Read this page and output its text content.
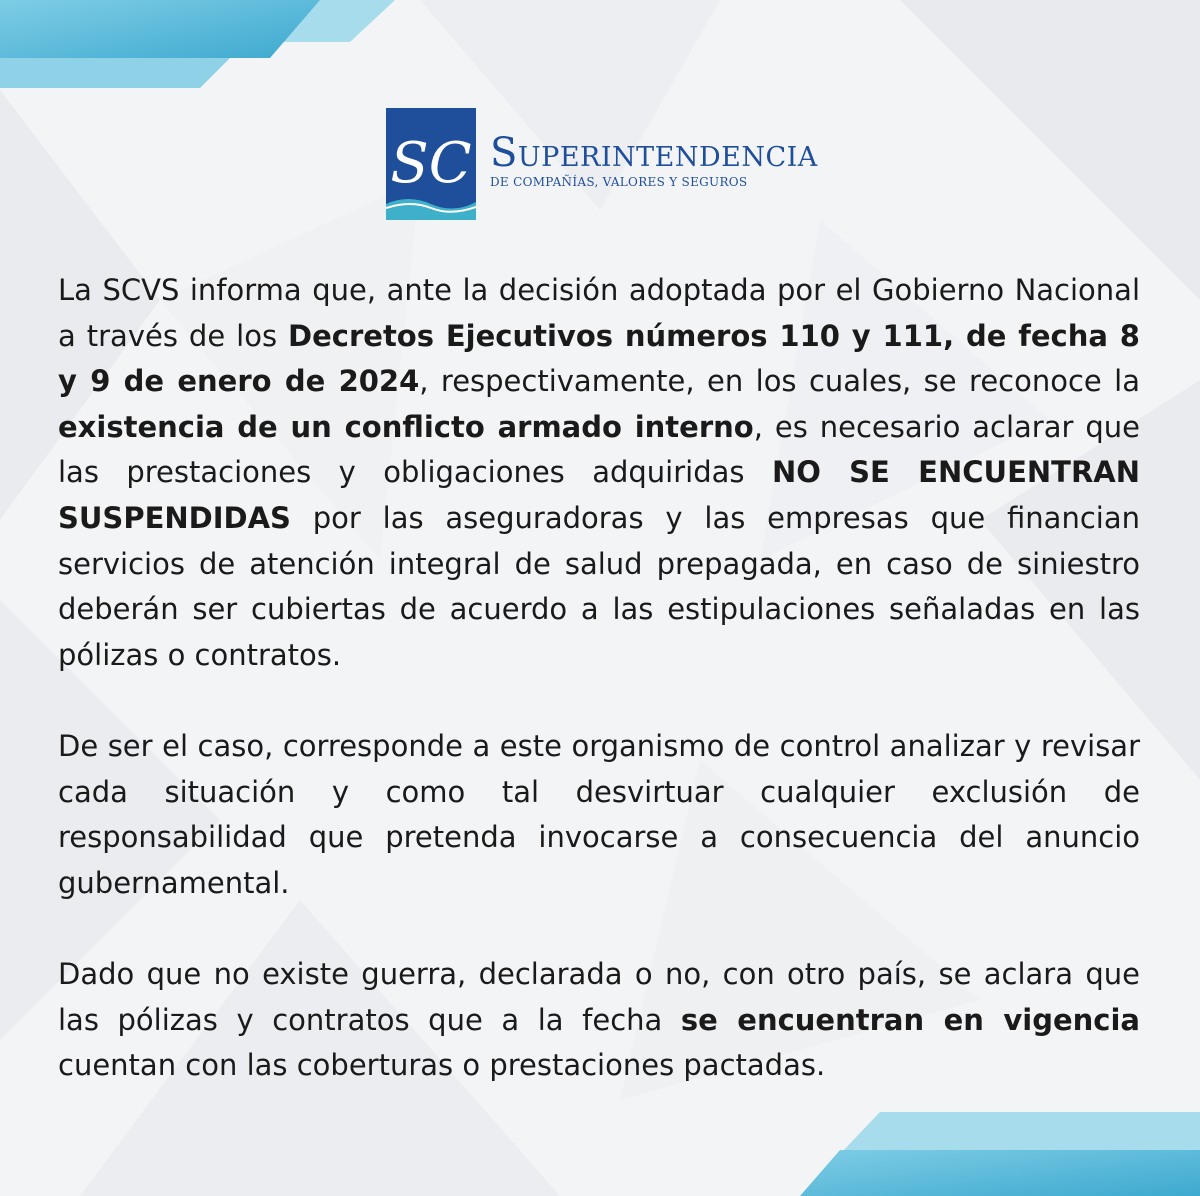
SC SUPERINTENDENCIA
DE COMPAÑÍAS, VALORES Y SEGUROS

La SCVS informa que, ante la decisión adoptada por el Gobierno Nacional a través de los Decretos Ejecutivos números 110 y 111, de fecha 8 y 9 de enero de 2024, respectivamente, en los cuales, se reconoce la existencia de un conflicto armado interno, es necesario aclarar que las prestaciones y obligaciones adquiridas NO SE ENCUENTRAN SUSPENDIDAS por las aseguradoras y las empresas que financian servicios de atención integral de salud prepagada, en caso de siniestro deberán ser cubiertas de acuerdo a las estipulaciones señaladas en las pólizas o contratos.

De ser el caso, corresponde a este organismo de control analizar y revisar cada situación y como tal desvirtuar cualquier exclusión de responsabilidad que pretenda invocarse a consecuencia del anuncio gubernamental.

Dado que no existe guerra, declarada o no, con otro país, se aclara que las pólizas y contratos que a la fecha se encuentran en vigencia cuentan con las coberturas o prestaciones pactadas.
